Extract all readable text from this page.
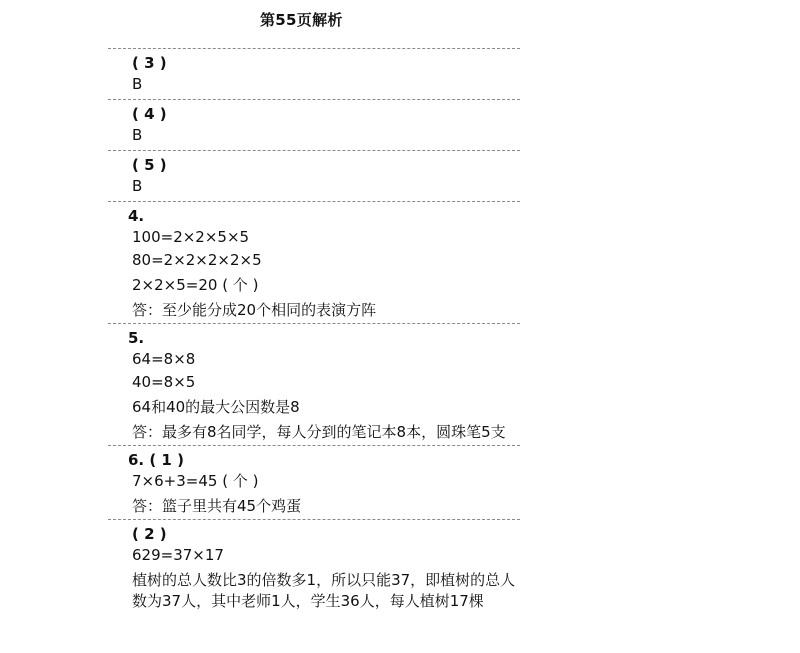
第55页解析
( 3 )
B
( 4 )
B
( 5 )
B
4.
100=2×2×5×5
80=2×2×2×2×5
2×2×5=20 ( 个 )
答：至少能分成20个相同的表演方阵
5.
64=8×8
40=8×5
64和40的最大公因数是8
答：最多有8名同学，每人分到的笔记本8本，圆珠笔5支
6. ( 1 )
7×6+3=45 ( 个 )
答：篮子里共有45个鸡蛋
( 2 )
629=37×17
植树的总人数比3的倍数多1，所以只能37，即植树的总人数为37人，其中老师1人，学生36人，每人植树17棵
